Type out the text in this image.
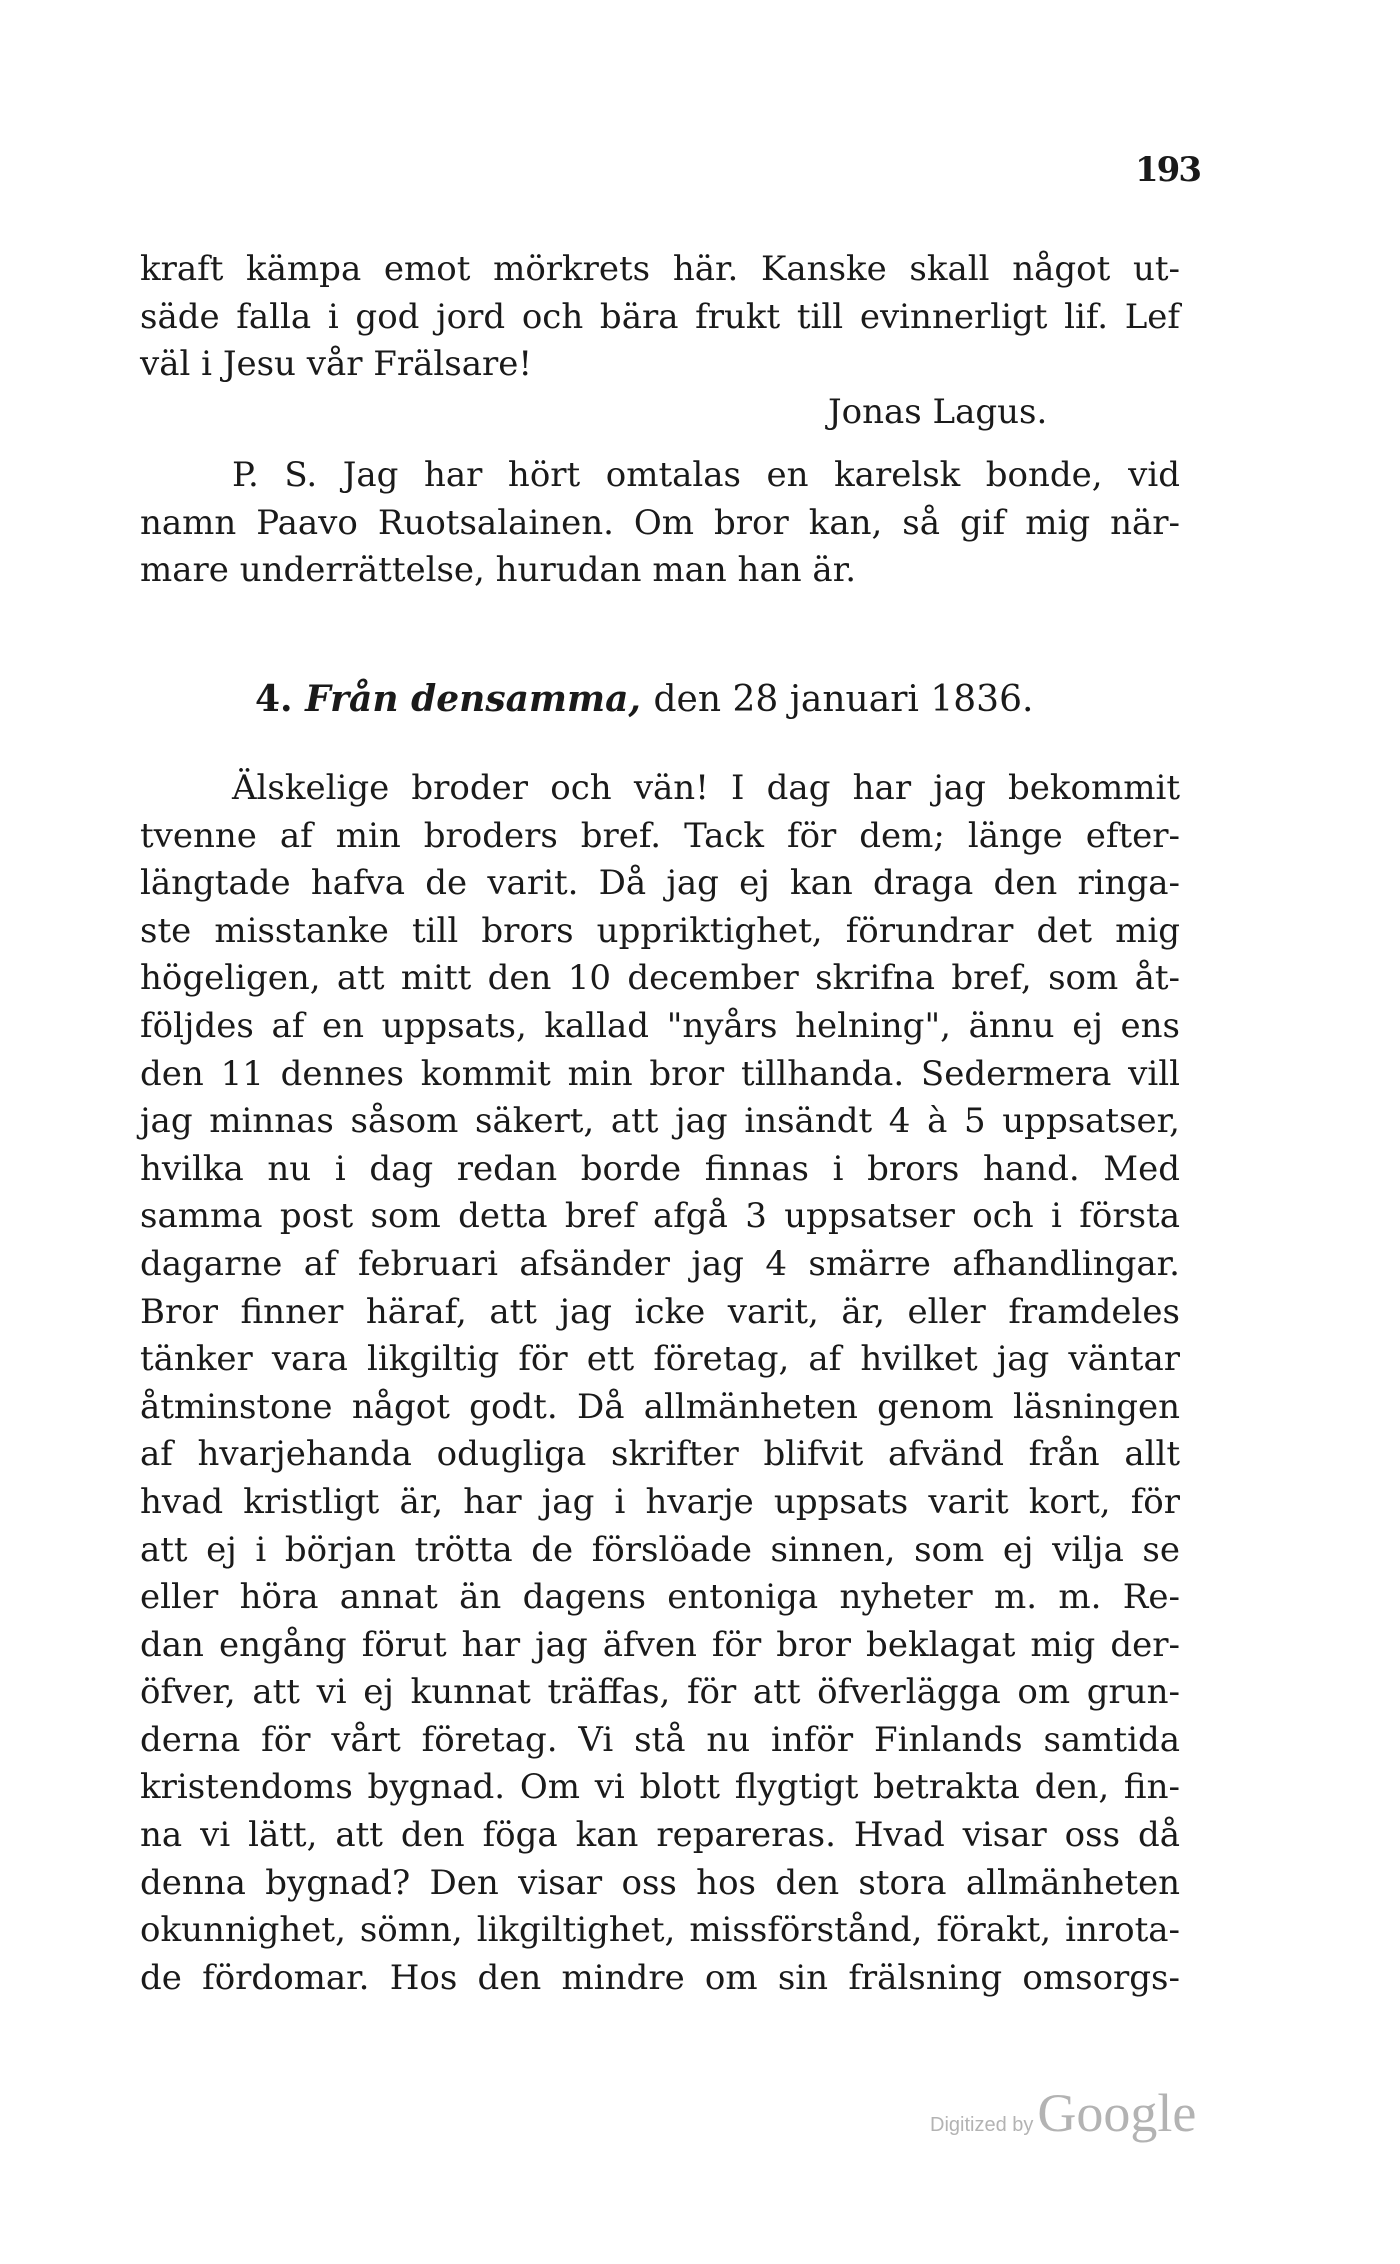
193
kraft kämpa emot mörkrets här. Kanske skall något ut-
säde falla i god jord och bära frukt till evinnerligt lif. Lef
väl i Jesu vår Frälsare!
Jonas Lagus.
P. S. Jag har hört omtalas en karelsk bonde, vid
namn Paavo Ruotsalainen. Om bror kan, så gif mig när-
mare underrättelse, hurudan man han är.
4. Från densamma, den 28 januari 1836.
Älskelige broder och vän! I dag har jag bekommit
tvenne af min broders bref. Tack för dem; länge efter-
längtade hafva de varit. Då jag ej kan draga den ringa-
ste misstanke till brors uppriktighet, förundrar det mig
högeligen, att mitt den 10 december skrifna bref, som åt-
följdes af en uppsats, kallad "nyårs helning", ännu ej ens
den 11 dennes kommit min bror tillhanda. Sedermera vill
jag minnas såsom säkert, att jag insändt 4 à 5 uppsatser,
hvilka nu i dag redan borde finnas i brors hand. Med
samma post som detta bref afgå 3 uppsatser och i första
dagarne af februari afsänder jag 4 smärre afhandlingar.
Bror finner häraf, att jag icke varit, är, eller framdeles
tänker vara likgiltig för ett företag, af hvilket jag väntar
åtminstone något godt. Då allmänheten genom läsningen
af hvarjehanda odugliga skrifter blifvit afvänd från allt
hvad kristligt är, har jag i hvarje uppsats varit kort, för
att ej i början trötta de förslöade sinnen, som ej vilja se
eller höra annat än dagens entoniga nyheter m. m. Re-
dan engång förut har jag äfven för bror beklagat mig der-
öfver, att vi ej kunnat träffas, för att öfverlägga om grun-
derna för vårt företag. Vi stå nu inför Finlands samtida
kristendoms bygnad. Om vi blott flygtigt betrakta den, fin-
na vi lätt, att den föga kan repareras. Hvad visar oss då
denna bygnad? Den visar oss hos den stora allmänheten
okunnighet, sömn, likgiltighet, missförstånd, förakt, inrota-
de fördomar. Hos den mindre om sin frälsning omsorgs-
Digitized byGoogle
